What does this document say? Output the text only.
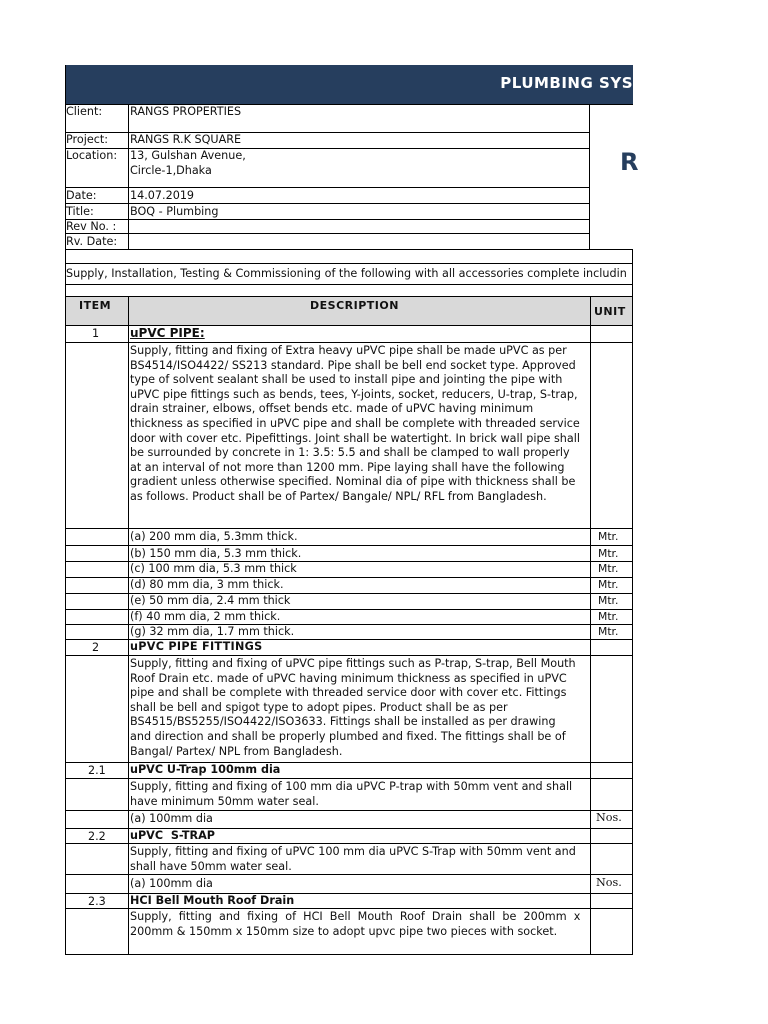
PLUMBING SYS
R
Client: RANGS PROPERTIES
Project: RANGS R.K SQUARE
Location: 13, Gulshan Avenue,
Circle-1,Dhaka
Date:	14.07.2019
Title:	BOQ - Plumbing
Rev No. :
Rv. Date:
Supply, Installation, Testing & Commissioning of the following with all accessories complete includin
ITEM	DESCRIPTION	UNIT
1	uPVC PIPE:
Supply, fitting and fixing of Extra heavy uPVC pipe shall be made uPVC as per
BS4514/ISO4422/ SS213 standard. Pipe shall be bell end socket type. Approved
type of solvent sealant shall be used to install pipe and jointing the pipe with
uPVC pipe fittings such as bends, tees, Y-joints, socket, reducers, U-trap, S-trap,
drain strainer, elbows, offset bends etc. made of uPVC having minimum
thickness as specified in uPVC pipe and shall be complete with threaded service
door with cover etc. Pipefittings. Joint shall be watertight. In brick wall pipe shall
be surrounded by concrete in 1: 3.5: 5.5 and shall be clamped to wall properly
at an interval of not more than 1200 mm. Pipe laying shall have the following
gradient unless otherwise specified. Nominal dia of pipe with thickness shall be
as follows. Product shall be of Partex/ Bangale/ NPL/ RFL from Bangladesh.
(a) 200 mm dia, 5.3mm thick.	Mtr.
(b) 150 mm dia, 5.3 mm thick.	Mtr.
(c) 100 mm dia, 5.3 mm thick	Mtr.
(d) 80 mm dia, 3 mm thick.	Mtr.
(e) 50 mm dia, 2.4 mm thick	Mtr.
(f) 40 mm dia, 2 mm thick.	Mtr.
(g) 32 mm dia, 1.7 mm thick.	Mtr.
2	uPVC PIPE FITTINGS
Supply, fitting and fixing of uPVC pipe fittings such as P-trap, S-trap, Bell Mouth
Roof Drain etc. made of uPVC having minimum thickness as specified in uPVC
pipe and shall be complete with threaded service door with cover etc. Fittings
shall be bell and spigot type to adopt pipes. Product shall be as per
BS4515/BS5255/ISO4422/ISO3633. Fittings shall be installed as per drawing
and direction and shall be properly plumbed and fixed. The fittings shall be of
Bangal/ Partex/ NPL from Bangladesh.
2.1 uPVC U-Trap 100mm dia
Supply, fitting and fixing of 100 mm dia uPVC P-trap with 50mm vent and shall
have minimum 50mm water seal.
(a) 100mm dia	Nos.
2.2 uPVC  S-TRAP
Supply, fitting and fixing of uPVC 100 mm dia uPVC S-Trap with 50mm vent and
shall have 50mm water seal.
(a) 100mm dia	Nos.
2.3 HCI Bell Mouth Roof Drain
Supply,  fitting  and  fixing  of  HCI  Bell  Mouth  Roof  Drain  shall  be  200mm  x
200mm & 150mm x 150mm size to adopt upvc pipe two pieces with socket.
